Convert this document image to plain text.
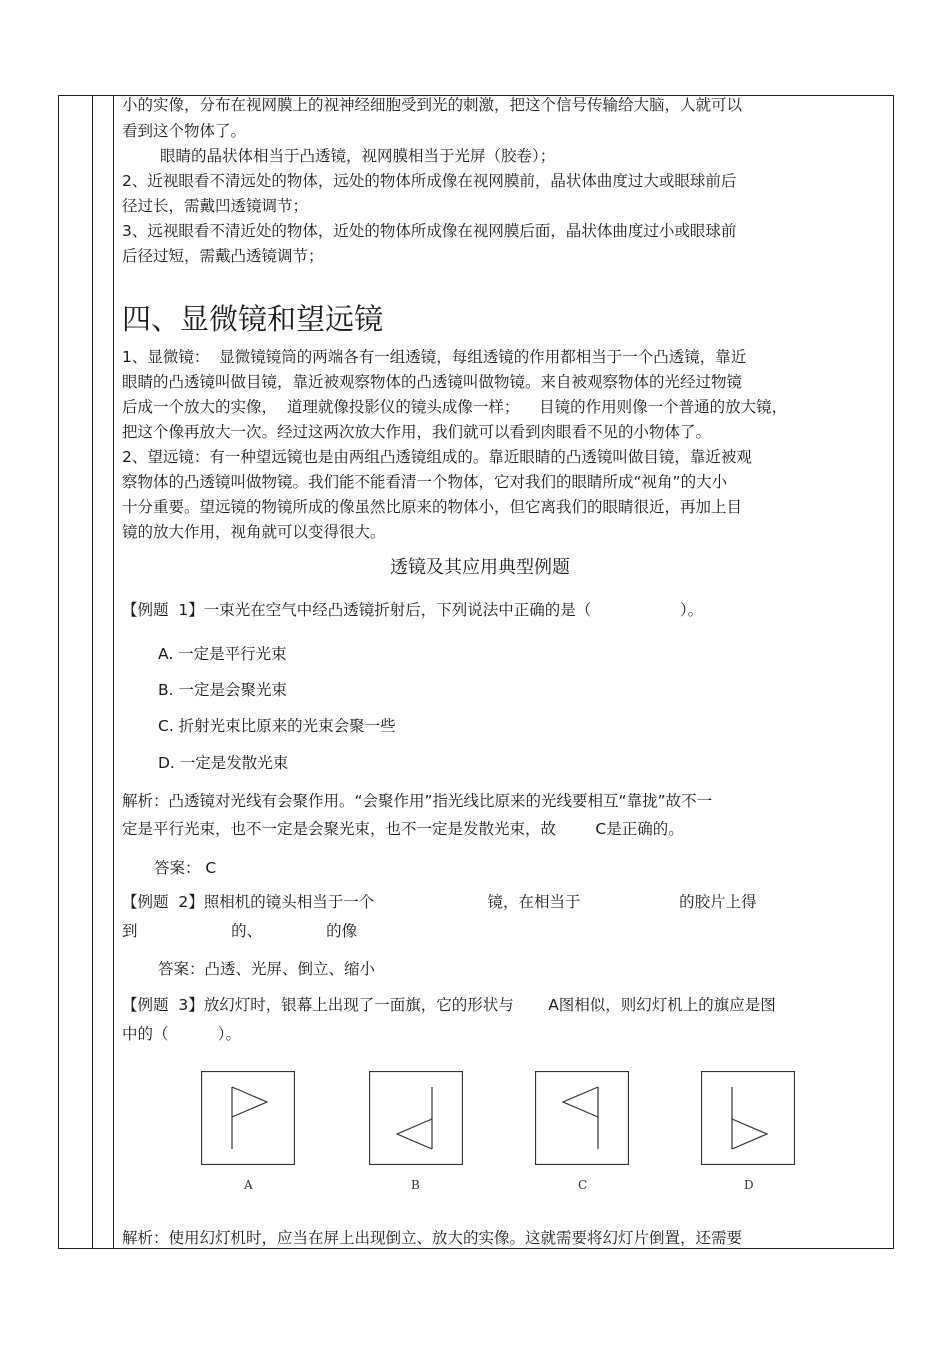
小的实像，分布在视网膜上的视神经细胞受到光的刺激，把这个信号传输给大脑，人就可以
看到这个物体了。
眼睛的晶状体相当于凸透镜，视网膜相当于光屏（胶卷）；
2、近视眼看不清远处的物体，远处的物体所成像在视网膜前，晶状体曲度过大或眼球前后
径过长，需戴凹透镜调节；
3、远视眼看不清近处的物体，近处的物体所成像在视网膜后面，晶状体曲度过小或眼球前
后径过短，需戴凸透镜调节；
四、显微镜和望远镜
1、显微镜：  显微镜镜筒的两端各有一组透镜，每组透镜的作用都相当于一个凸透镜，靠近
眼睛的凸透镜叫做目镜，靠近被观察物体的凸透镜叫做物镜。来自被观察物体的光经过物镜
后成一个放大的实像，  道理就像投影仪的镜头成像一样；    目镜的作用则像一个普通的放大镜，
把这个像再放大一次。经过这两次放大作用，我们就可以看到肉眼看不见的小物体了。
2、望远镜：有一种望远镜也是由两组凸透镜组成的。靠近眼睛的凸透镜叫做目镜，靠近被观
察物体的凸透镜叫做物镜。我们能不能看清一个物体，它对我们的眼睛所成“视角”的大小
十分重要。望远镜的物镜所成的像虽然比原来的物体小，但它离我们的眼睛很近，再加上目
镜的放大作用，视角就可以变得很大。
透镜及其应用典型例题
【例题  1】一束光在空气中经凸透镜折射后，下列说法中正确的是（                  ）。
A. 一定是平行光束
B. 一定是会聚光束
C. 折射光束比原来的光束会聚一些
D. 一定是发散光束
解析：凸透镜对光线有会聚作用。“会聚作用”指光线比原来的光线要相互“靠拢”故不一
定是平行光束，也不一定是会聚光束，也不一定是发散光束，故        C是正确的。
答案： C
【例题  2】照相机的镜头相当于一个                       镜，在相当于                    的胶片上得
到                   的、             的像
答案：凸透、光屏、倒立、缩小
【例题  3】放幻灯时，银幕上出现了一面旗，它的形状与       A图相似，则幻灯机上的旗应是图
中的（          ）。
A	B	C	D
解析：使用幻灯机时，应当在屏上出现倒立、放大的实像。这就需要将幻灯片倒置，还需要
